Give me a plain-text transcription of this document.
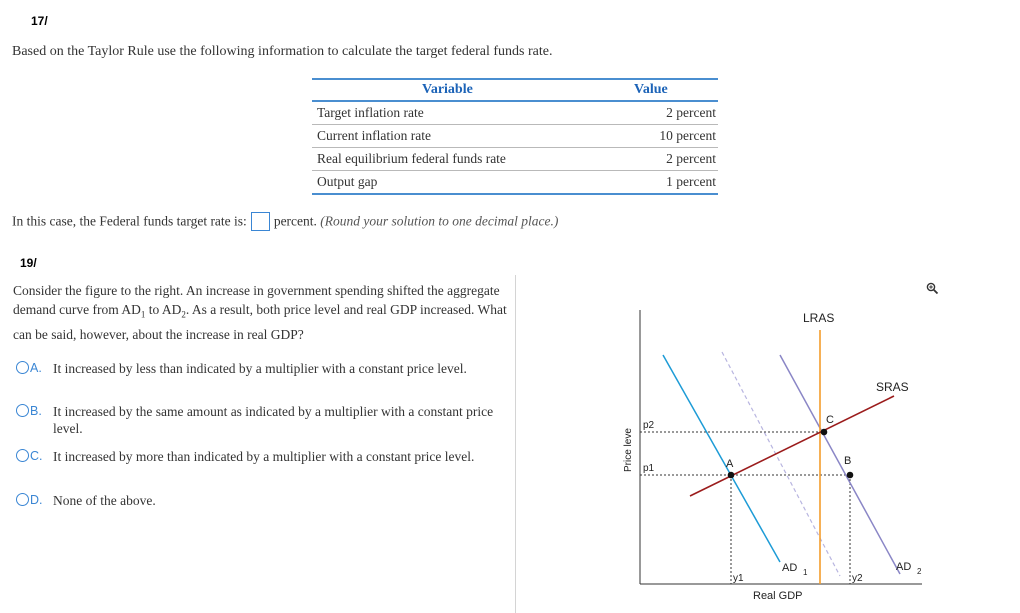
17/
Based on the Taylor Rule use the following information to calculate the target federal funds rate.
Variable	Value
Target inflation rate	2 percent
Current inflation rate	10 percent
Real equilibrium federal funds rate	2 percent
Output gap	1 percent
In this case, the Federal funds target rate is: percent. (Round your solution to one decimal place.)
19/
Consider the figure to the right. An increase in government spending shifted the aggregate demand curve from $AD_1$ to $AD_2$. As a result, both price level and real GDP increased. What can be said, however, about the increase in real GDP?
A. It increased by less than indicated by a multiplier with a constant price level.
B. It increased by the same amount as indicated by a multiplier with a constant price level.
C. It increased by more than indicated by a multiplier with a constant price level.
D. None of the above.
LRAS
SRAS
A
C
B
p2
p1
y1	y2
AD 1	AD 2
Real GDP
Price leve
